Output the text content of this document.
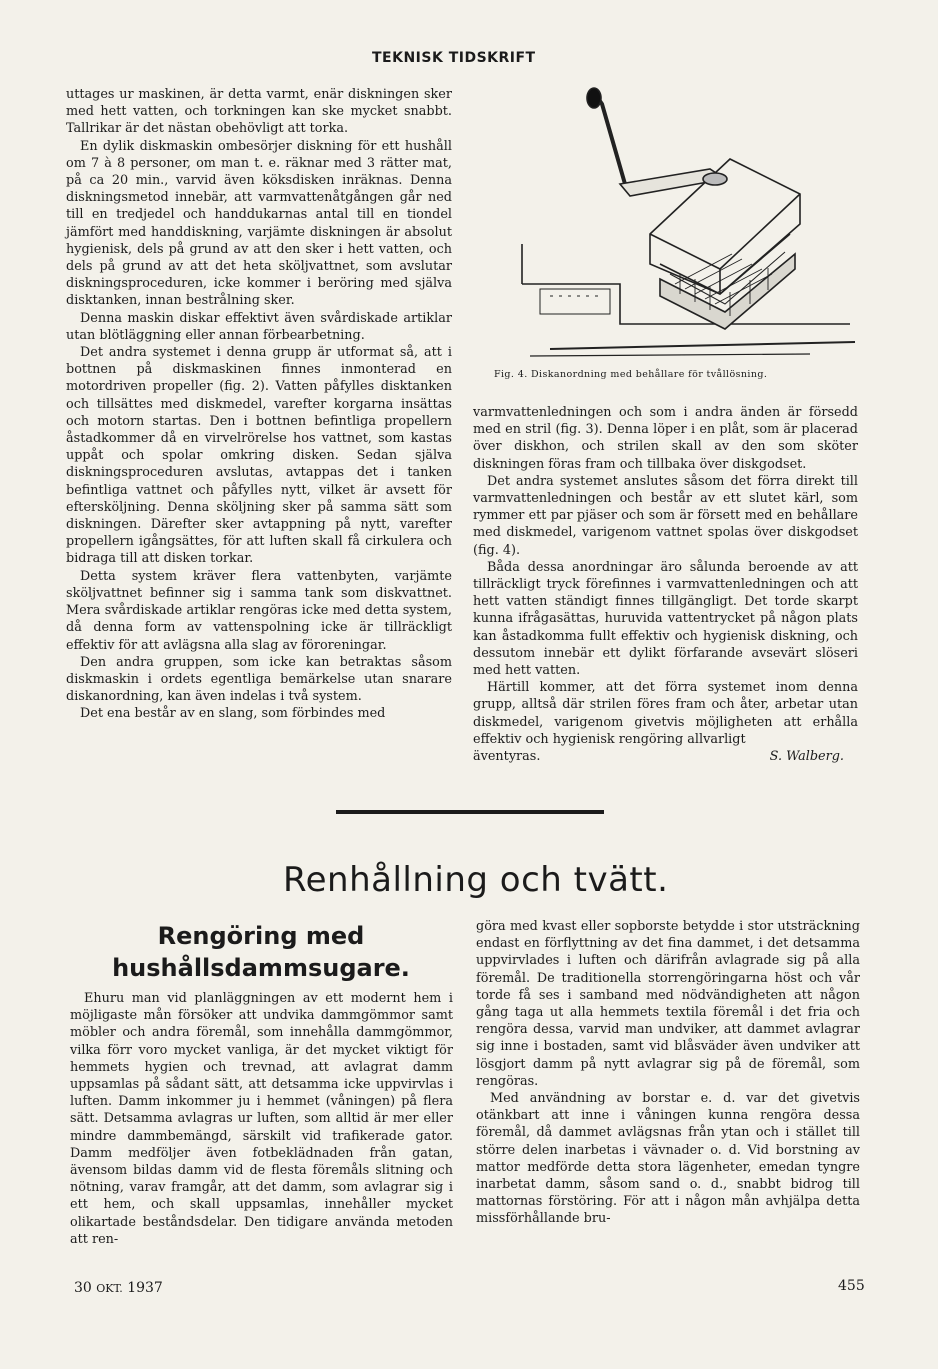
TEKNISK TIDSKRIFT

uttages ur maskinen, är detta varmt, enär diskningen sker med hett vatten, och torkningen kan ske mycket snabbt. Tallrikar är det nästan obehövligt att torka.

En dylik diskmaskin ombesörjer diskning för ett hushåll om 7 à 8 personer, om man t. e. räknar med 3 rätter mat, på ca 20 min., varvid även köksdisken inräknas. Denna diskningsmetod innebär, att varmvattenåtgången går ned till en tredjedel och handdukarnas antal till en tiondel jämfört med handdiskning, varjämte diskningen är absolut hygienisk, dels på grund av att den sker i hett vatten, och dels på grund av att det heta sköljvattnet, som avslutar diskningsproceduren, icke kommer i beröring med själva disktanken, innan bestrålning sker.

Denna maskin diskar effektivt även svårdiskade artiklar utan blötläggning eller annan förbearbetning.

Det andra systemet i denna grupp är utformat så, att i bottnen på diskmaskinen finnes inmonterad en motordriven propeller (fig. 2). Vatten påfylles disktanken och tillsättes med diskmedel, varefter korgarna insättas och motorn startas. Den i bottnen befintliga propellern åstadkommer då en virvelrörelse hos vattnet, som kastas uppåt och spolar omkring disken. Sedan själva diskningsproceduren avslutas, avtappas det i tanken befintliga vattnet och påfylles nytt, vilket är avsett för eftersköljning. Denna sköljning sker på samma sätt som diskningen. Därefter sker avtappning på nytt, varefter propellern igångsättes, för att luften skall få cirkulera och bidraga till att disken torkar.

Detta system kräver flera vattenbyten, varjämte sköljvattnet befinner sig i samma tank som diskvattnet. Mera svårdiskade artiklar rengöras icke med detta system, då denna form av vattenspolning icke är tillräckligt effektiv för att avlägsna alla slag av föroreningar.

Den andra gruppen, som icke kan betraktas såsom diskmaskin i ordets egentliga bemärkelse utan snarare diskanordning, kan även indelas i två system.

Det ena består av en slang, som förbindes med

Fig. 4. Diskanordning med behållare för tvållösning.

varmvattenledningen och som i andra änden är försedd med en stril (fig. 3). Denna löper i en plåt, som är placerad över diskhon, och strilen skall av den som sköter diskningen föras fram och tillbaka över diskgodset.

Det andra systemet anslutes såsom det förra direkt till varmvattenledningen och består av ett slutet kärl, som rymmer ett par pjäser och som är försett med en behållare med diskmedel, varigenom vattnet spolas över diskgodset (fig. 4).

Båda dessa anordningar äro sålunda beroende av att tillräckligt tryck förefinnes i varmvattenledningen och att hett vatten ständigt finnes tillgängligt. Det torde skarpt kunna ifrågasättas, huruvida vattentrycket på någon plats kan åstadkomma fullt effektiv och hygienisk diskning, och dessutom innebär ett dylikt förfarande avsevärt slöseri med hett vatten.

Härtill kommer, att det förra systemet inom denna grupp, alltså där strilen föres fram och åter, arbetar utan diskmedel, varigenom givetvis möjligheten att erhålla effektiv och hygienisk rengöring allvarligt

äventyras.	S. Walberg.

Renhållning och tvätt.
Rengöring med hushållsdammsugare.

Ehuru man vid planläggningen av ett modernt hem i möjligaste mån försöker att undvika dammgömmor samt möbler och andra föremål, som innehålla dammgömmor, vilka förr voro mycket vanliga, är det mycket viktigt för hemmets hygien och trevnad, att avlagrat damm uppsamlas på sådant sätt, att detsamma icke uppvirvlas i luften. Damm inkommer ju i hemmet (våningen) på flera sätt. Detsamma avlagras ur luften, som alltid är mer eller mindre dammbemängd, särskilt vid trafikerade gator. Damm medföljer även fotbeklädnaden från gatan, ävensom bildas damm vid de flesta föremåls slitning och nötning, varav framgår, att det damm, som avlagrar sig i ett hem, och skall uppsamlas, innehåller mycket olikartade beståndsdelar. Den tidigare använda metoden att ren-

göra med kvast eller sopborste betydde i stor utsträckning endast en förflyttning av det fina dammet, i det detsamma uppvirvlades i luften och därifrån avlagrade sig på alla föremål. De traditionella storrengöringarna höst och vår torde få ses i samband med nödvändigheten att någon gång taga ut alla hemmets textila föremål i det fria och rengöra dessa, varvid man undviker, att dammet avlagrar sig inne i bostaden, samt vid blåsväder även undviker att lösgjort damm på nytt avlagrar sig på de föremål, som rengöras.

Med användning av borstar e. d. var det givetvis otänkbart att inne i våningen kunna rengöra dessa föremål, då dammet avlägsnas från ytan och i stället till större delen inarbetas i vävnader o. d. Vid borstning av mattor medförde detta stora lägenheter, emedan tyngre inarbetat damm, såsom sand o. d., snabbt bidrog till mattornas förstöring. För att i någon mån avhjälpa detta missförhållande bru-

30 OKT. 1937	455
